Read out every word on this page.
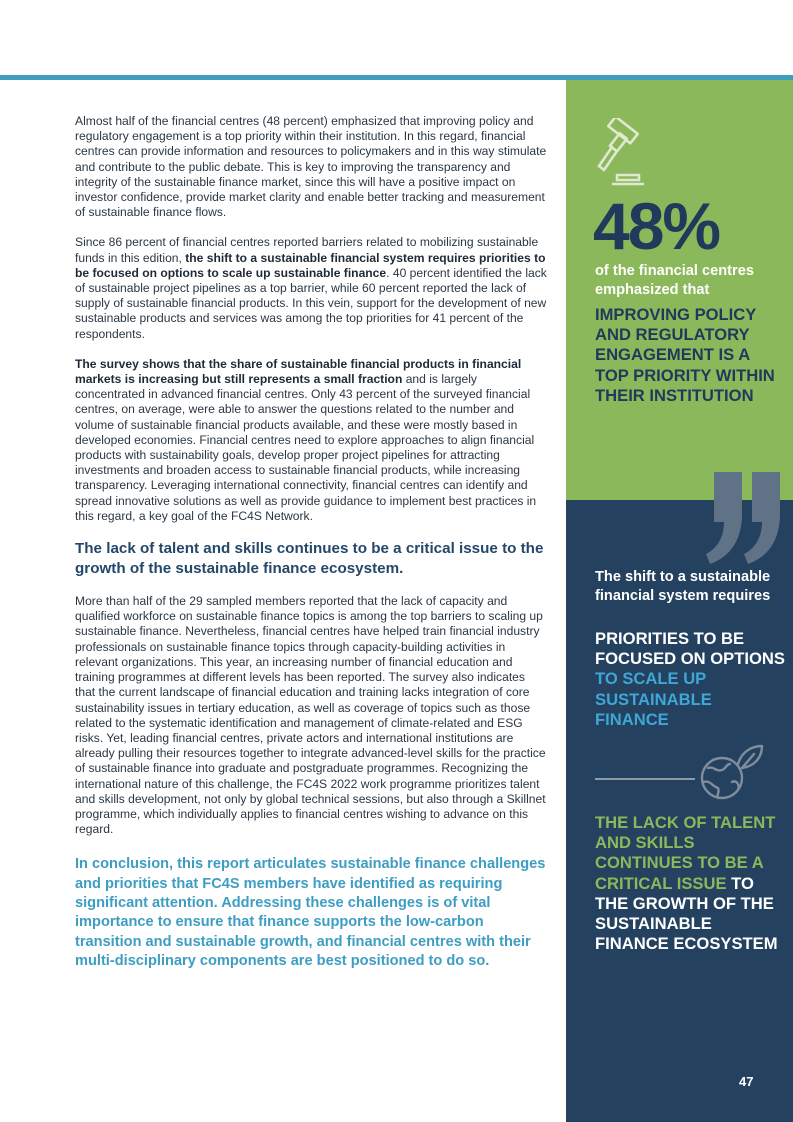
Almost half of the financial centres (48 percent) emphasized that improving policy and regulatory engagement is a top priority within their institution. In this regard, financial centres can provide information and resources to policymakers and in this way stimulate and contribute to the public debate. This is key to improving the transparency and integrity of the sustainable finance market, since this will have a positive impact on investor confidence, provide market clarity and enable better tracking and measurement of sustainable finance flows.

Since 86 percent of financial centres reported barriers related to mobilizing sustainable funds in this edition, the shift to a sustainable financial system requires priorities to be focused on options to scale up sustainable finance. 40 percent identified the lack of sustainable project pipelines as a top barrier, while 60 percent reported the lack of supply of sustainable financial products. In this vein, support for the development of new sustainable products and services was among the top priorities for 41 percent of the respondents.

The survey shows that the share of sustainable financial products in financial markets is increasing but still represents a small fraction and is largely concentrated in advanced financial centres. Only 43 percent of the surveyed financial centres, on average, were able to answer the questions related to the number and volume of sustainable financial products available, and these were mostly based in developed economies. Financial centres need to explore approaches to align financial products with sustainability goals, develop proper project pipelines for attracting investments and broaden access to sustainable financial products, while increasing transparency. Leveraging international connectivity, financial centres can identify and spread innovative solutions as well as provide guidance to implement best practices in this regard, a key goal of the FC4S Network.

The lack of talent and skills continues to be a critical issue to the growth of the sustainable finance ecosystem.

More than half of the 29 sampled members reported that the lack of capacity and qualified workforce on sustainable finance topics is among the top barriers to scaling up sustainable finance. Nevertheless, financial centres have helped train financial industry professionals on sustainable finance topics through capacity-building activities in relevant organizations. This year, an increasing number of financial education and training programmes at different levels has been reported. The survey also indicates that the current landscape of financial education and training lacks integration of core sustainability issues in tertiary education, as well as coverage of topics such as those related to the systematic identification and management of climate-related and ESG risks. Yet, leading financial centres, private actors and international institutions are already pulling their resources together to integrate advanced-level skills for the practice of sustainable finance into graduate and postgraduate programmes. Recognizing the international nature of this challenge, the FC4S 2022 work programme prioritizes talent and skills development, not only by global technical sessions, but also through a Skillnet programme, which individually applies to financial centres wishing to advance on this regard.

In conclusion, this report articulates sustainable finance challenges and priorities that FC4S members have identified as requiring significant attention. Addressing these challenges is of vital importance to ensure that finance supports the low-carbon transition and sustainable growth, and financial centres with their multi-disciplinary components are best positioned to do so.

48%
of the financial centres emphasized that
IMPROVING POLICY AND REGULATORY ENGAGEMENT IS A TOP PRIORITY WITHIN THEIR INSTITUTION
The shift to a sustainable financial system requires
PRIORITIES TO BE FOCUSED ON OPTIONS TO SCALE UP SUSTAINABLE FINANCE
THE LACK OF TALENT AND SKILLS CONTINUES TO BE A CRITICAL ISSUE TO THE GROWTH OF THE SUSTAINABLE FINANCE ECOSYSTEM
47
